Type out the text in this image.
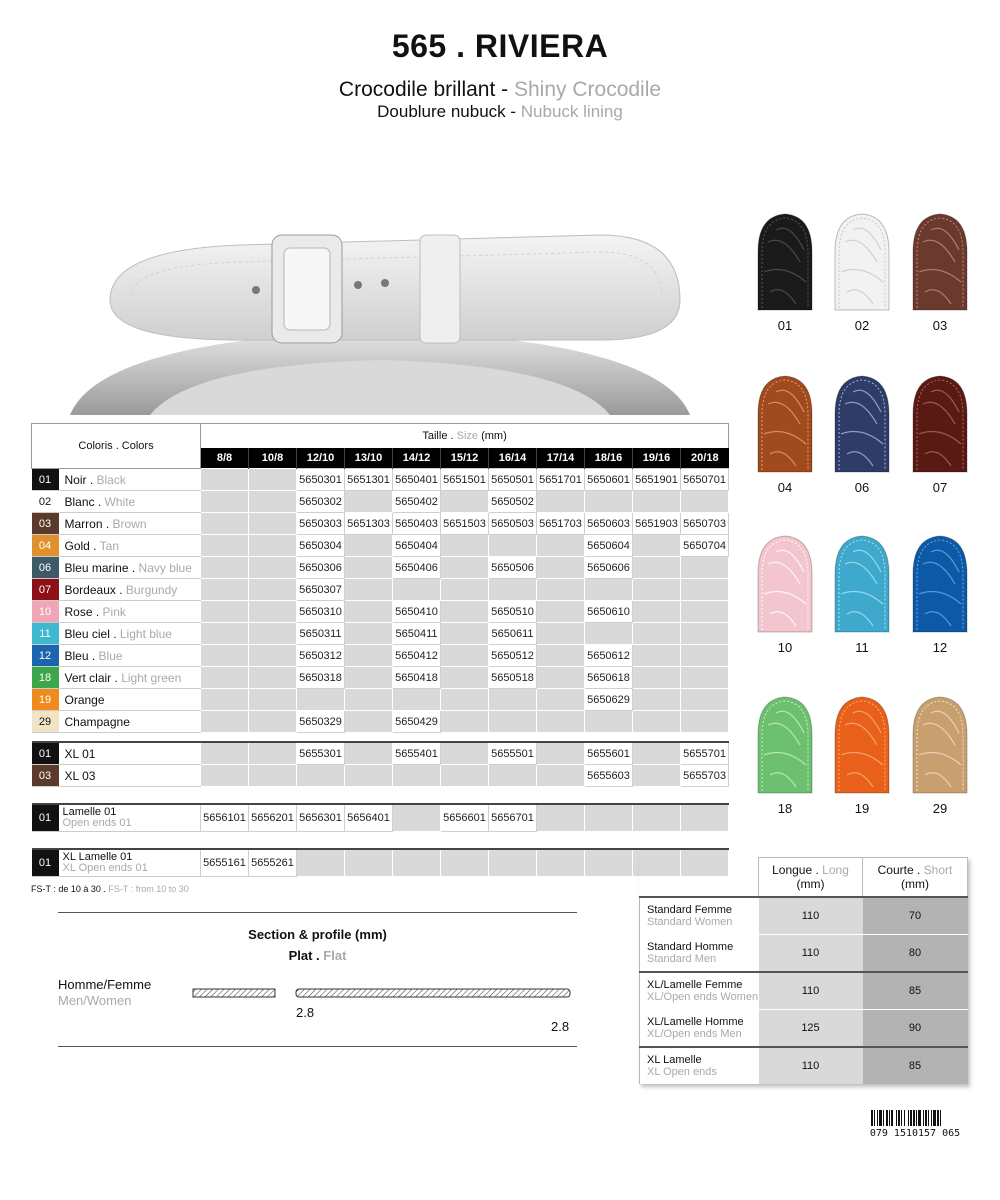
565 . RIVIERA
Crocodile brillant - Shiny Crocodile
Doublure nubuck - Nubuck lining
Coloris . Colors	Taille . Size (mm)										
	8/8	10/8	12/10	13/10	14/12	15/12	16/14	17/14	18/16	19/16	20/18

01 Noir . Black			5650301	5651301	5650401	5651501	5650501	5651701	5650601	5651901	5650701

02 Blanc . White			5650302		5650402		5650502				

03 Marron . Brown			5650303	5651303	5650403	5651503	5650503	5651703	5650603	5651903	5650703

04 Gold . Tan			5650304		5650404				5650604		5650704

06 Bleu marine . Navy blue			5650306		5650406		5650506		5650606		

07 Bordeaux . Burgundy			5650307								

10 Rose . Pink			5650310		5650410		5650510		5650610		

11 Bleu ciel . Light blue			5650311		5650411		5650611				

12 Bleu . Blue			5650312		5650412		5650512		5650612		

18 Vert clair . Light green			5650318		5650418		5650518		5650618		

19 Orange									5650629		

29 Champagne			5650329		5650429						

01 XL 01			5655301		5655401		5655501		5655601		5655701

03 XL 03									5655603		5655703

01 Lamelle 01
Open ends 01	5656101	5656201	5656301	5656401		5656601	5656701				

01 XL Lamelle 01
XL Open ends 01	5655161	5655261									
FS-T : de 10 à 30 . FS-T : from 10 to 30
Section & profile (mm)
Plat . Flat
Homme/Femme
Men/Women
2.8
2.8
01	02	03
04	06	07
10	11	12
18	19	29
	Longue . Long
(mm)	Courte . Short
(mm)

Standard Femme
Standard Women	110	70

Standard Homme
Standard Men	110	80

XL/Lamelle Femme
XL/Open ends Women	110	85

XL/Lamelle Homme
XL/Open ends Men	125	90

XL Lamelle
XL Open ends	110	85
079 1510157 065
